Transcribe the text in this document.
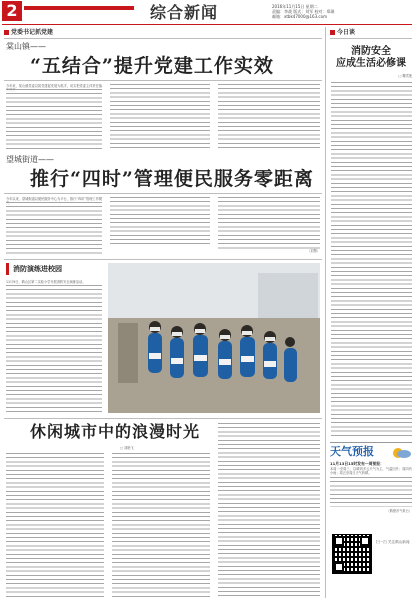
2	综合新闻	2016年11月15日 星期二
责编：李战 版式：刘军 校对：郑瑛
邮箱：xtbk47000@163.com
党委书记抓党建
棠山镇——
“五结合”提升党建工作实效
今年来，棠山镇党委以抓党建促发展为抓手，切实把党委主体责任落
望城街道——
推行“四时”管理便民服务零距离
今年以来，望城街道以便民服务中心为平台，推行“四时”管理工作模
（刘慧）
消防演练进校园
11月9日，鹤山区第二实验小学开展消防安全演练活动。
休闲城市中的浪漫时光
□ 刘艳飞
今日谈
消防安全
应成生活必修课
□ 魏雪莲
天气预报
11月13日15时发布一周预报：
本周一至周三，以晴到多云天气为主，气温回升；周四有小雨；周五至周日天气转晴。
（鹤壁市气象台）
扫一扫 关注鹤山新闻
